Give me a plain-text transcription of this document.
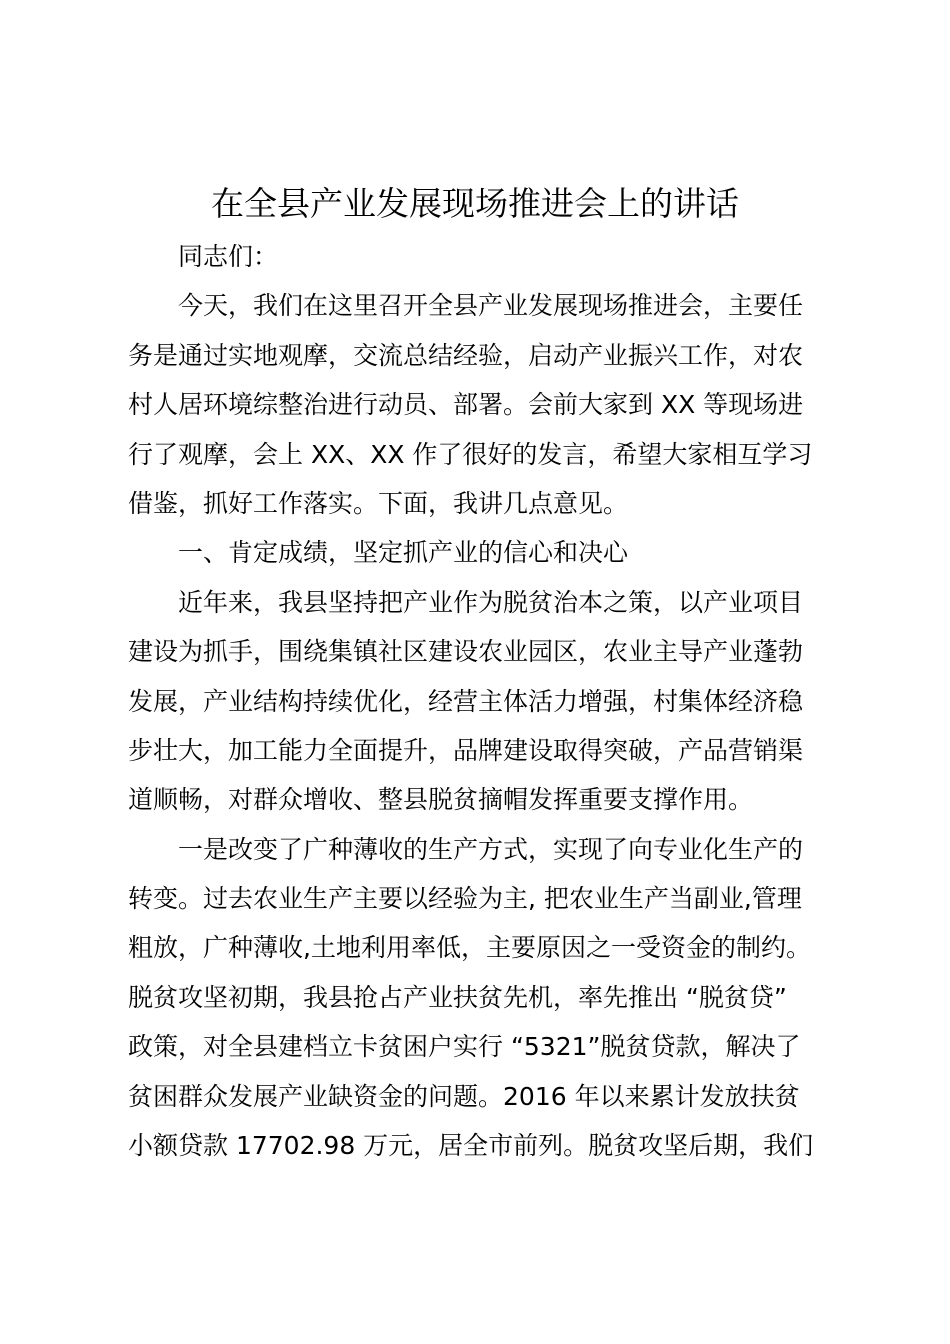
在全县产业发展现场推进会上的讲话
同志们：
今天，我们在这里召开全县产业发展现场推进会，主要任
务是通过实地观摩，交流总结经验，启动产业振兴工作，对农
村人居环境综整治进行动员、部署。会前大家到 XX 等现场进
行了观摩，会上 XX、XX 作了很好的发言，希望大家相互学习
借鉴，抓好工作落实。下面，我讲几点意见。
一、肯定成绩，坚定抓产业的信心和决心
近年来，我县坚持把产业作为脱贫治本之策，以产业项目
建设为抓手，围绕集镇社区建设农业园区，农业主导产业蓬勃
发展，产业结构持续优化，经营主体活力增强，村集体经济稳
步壮大，加工能力全面提升，品牌建设取得突破，产品营销渠
道顺畅，对群众增收、整县脱贫摘帽发挥重要支撑作用。
一是改变了广种薄收的生产方式，实现了向专业化生产的
转变。过去农业生产主要以经验为主, 把农业生产当副业,管理
粗放，广种薄收,土地利用率低，主要原因之一受资金的制约。
脱贫攻坚初期，我县抢占产业扶贫先机，率先推出 “脱贫贷”
政策，对全县建档立卡贫困户实行 “5321”脱贫贷款，解决了
贫困群众发展产业缺资金的问题。2016 年以来累计发放扶贫
小额贷款 17702.98 万元，居全市前列。脱贫攻坚后期，我们
